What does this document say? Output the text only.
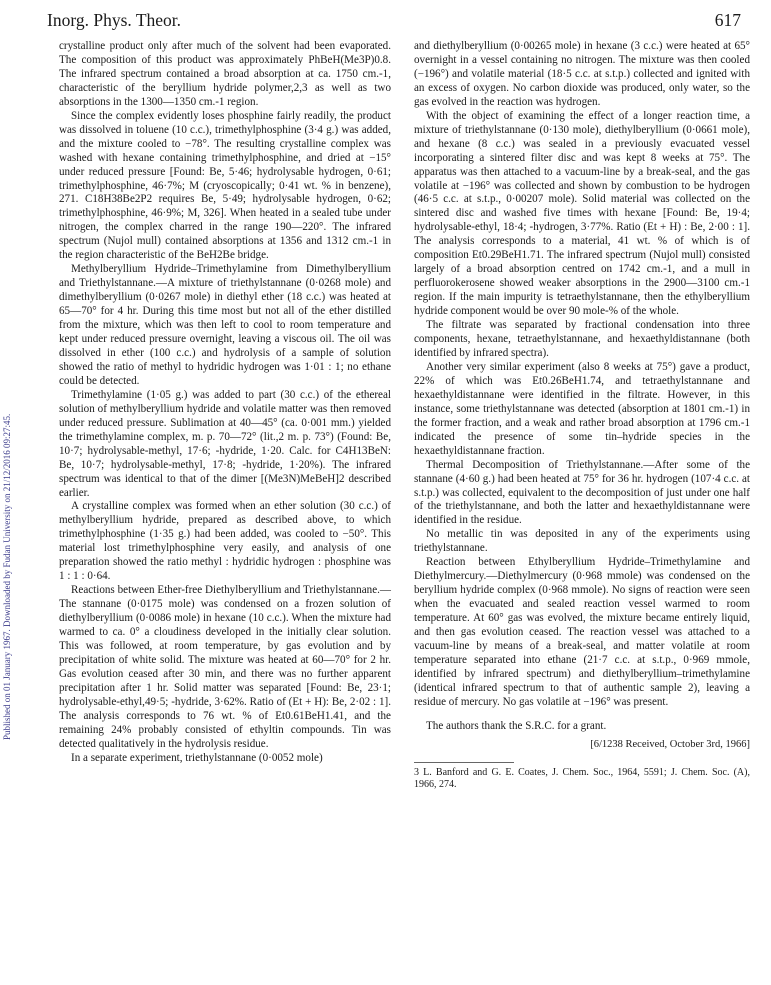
Inorg. Phys. Theor.	617
Published on 01 January 1967. Downloaded by Fudan University on 21/12/2016 09:27:45.

crystalline product only after much of the solvent had been evaporated. The composition of this product was approximately PhBeH(Me3P)0.8. The infrared spectrum contained a broad absorption at ca. 1750 cm.-1, characteristic of the beryllium hydride polymer,2,3 as well as two absorptions in the 1300—1350 cm.-1 region.

Since the complex evidently loses phosphine fairly readily, the product was dissolved in toluene (10 c.c.), trimethylphosphine (3·4 g.) was added, and the mixture cooled to −78°. The resulting crystalline complex was washed with hexane containing trimethylphosphine, and dried at −15° under reduced pressure [Found: Be, 5·46; hydrolysable hydrogen, 0·61; trimethylphosphine, 46·7%; M (cryoscopically; 0·41 wt. % in benzene), 271. C18H38Be2P2 requires Be, 5·49; hydrolysable hydrogen, 0·62; trimethylphosphine, 46·9%; M, 326]. When heated in a sealed tube under nitrogen, the complex charred in the range 190—220°. The infrared spectrum (Nujol mull) contained absorptions at 1356 and 1312 cm.-1 in the region characteristic of the BeH2Be bridge.

Methylberyllium Hydride–Trimethylamine from Dimethylberyllium and Triethylstannane.—A mixture of triethylstannane (0·0268 mole) and dimethylberyllium (0·0267 mole) in diethyl ether (18 c.c.) was heated at 65—70° for 4 hr. During this time most but not all of the ether distilled from the mixture, which was then left to cool to room temperature and kept under reduced pressure overnight, leaving a viscous oil. The oil was dissolved in ether (100 c.c.) and hydrolysis of a sample of solution showed the ratio of methyl to hydridic hydrogen was 1·01 : 1; no ethane could be detected.

Trimethylamine (1·05 g.) was added to part (30 c.c.) of the ethereal solution of methylberyllium hydride and volatile matter was then removed under reduced pressure. Sublimation at 40—45° (ca. 0·001 mm.) yielded the trimethylamine complex, m. p. 70—72° (lit.,2 m. p. 73°) (Found: Be, 10·7; hydrolysable-methyl, 17·6; -hydride, 1·20. Calc. for C4H13BeN: Be, 10·7; hydrolysable-methyl, 17·8; -hydride, 1·20%). The infrared spectrum was identical to that of the dimer [(Me3N)MeBeH]2 described earlier.

A crystalline complex was formed when an ether solution (30 c.c.) of methylberyllium hydride, prepared as described above, to which trimethylphosphine (1·35 g.) had been added, was cooled to −50°. This material lost trimethylphosphine very easily, and analysis of one preparation showed the ratio methyl : hydridic hydrogen : phosphine was 1 : 1 : 0·64.

Reactions between Ether-free Diethylberyllium and Triethylstannane.—The stannane (0·0175 mole) was condensed on a frozen solution of diethylberyllium (0·0086 mole) in hexane (10 c.c.). When the mixture had warmed to ca. 0° a cloudiness developed in the initially clear solution. This was followed, at room temperature, by gas evolution and by precipitation of white solid. The mixture was heated at 60—70° for 2 hr. Gas evolution ceased after 30 min, and there was no further apparent precipitation after 1 hr. Solid matter was separated [Found: Be, 23·1; hydrolysable-ethyl,49·5; -hydride, 3·62%. Ratio of (Et + H): Be, 2·02 : 1]. The analysis corresponds to 76 wt. % of Et0.61BeH1.41, and the remaining 24% probably consisted of ethyltin compounds. Tin was detected qualitatively in the hydrolysis residue.

In a separate experiment, triethylstannane (0·0052 mole)

and diethylberyllium (0·00265 mole) in hexane (3 c.c.) were heated at 65° overnight in a vessel containing no nitrogen. The mixture was then cooled (−196°) and volatile material (18·5 c.c. at s.t.p.) collected and ignited with an excess of oxygen. No carbon dioxide was produced, only water, so the gas evolved in the reaction was hydrogen.

With the object of examining the effect of a longer reaction time, a mixture of triethylstannane (0·130 mole), diethylberyllium (0·0661 mole), and hexane (8 c.c.) was sealed in a previously evacuated vessel incorporating a sintered filter disc and was kept 8 weeks at 75°. The apparatus was then attached to a vacuum-line by a break-seal, and the gas volatile at −196° was collected and shown by combustion to be hydrogen (46·5 c.c. at s.t.p., 0·00207 mole). Solid material was collected on the sintered disc and washed five times with hexane [Found: Be, 19·4; hydrolysable-ethyl, 18·4; -hydrogen, 3·77%. Ratio (Et + H) : Be, 2·00 : 1]. The analysis corresponds to a material, 41 wt. % of which is of composition Et0.29BeH1.71. The infrared spectrum (Nujol mull) consisted largely of a broad absorption centred on 1742 cm.-1, and a mull in perfluorokerosene showed weaker absorptions in the 2900—3100 cm.-1 region. If the main impurity is tetraethylstannane, then the ethylberyllium hydride component would be over 90 mole-% of the whole.

The filtrate was separated by fractional condensation into three components, hexane, tetraethylstannane, and hexaethyldistannane (both identified by infrared spectra).

Another very similar experiment (also 8 weeks at 75°) gave a product, 22% of which was Et0.26BeH1.74, and tetraethylstannane and hexaethyldistannane were identified in the filtrate. However, in this instance, some triethylstannane was detected (absorption at 1801 cm.-1) in the former fraction, and a weak and rather broad absorption at 1796 cm.-1 indicated the presence of some tin–hydride species in the hexaethyldistannane fraction.

Thermal Decomposition of Triethylstannane.—After some of the stannane (4·60 g.) had been heated at 75° for 36 hr. hydrogen (107·4 c.c. at s.t.p.) was collected, equivalent to the decomposition of just under one half of the triethylstannane, and both the latter and hexaethyldistannane were identified in the residue.

No metallic tin was deposited in any of the experiments using triethylstannane.

Reaction between Ethylberyllium Hydride–Trimethylamine and Diethylmercury.—Diethylmercury (0·968 mmole) was condensed on the beryllium hydride complex (0·968 mmole). No signs of reaction were seen when the evacuated and sealed reaction vessel warmed to room temperature. At 60° gas was evolved, the mixture became entirely liquid, and then gas evolution ceased. The reaction vessel was attached to a vacuum-line by means of a break-seal, and matter volatile at room temperature separated into ethane (21·7 c.c. at s.t.p., 0·969 mmole, identified by infrared spectrum) and diethylberyllium–trimethylamine (identical infrared spectrum to that of authentic sample 2), leaving a residue of mercury. No gas volatile at −196° was present.

The authors thank the S.R.C. for a grant.

[6/1238 Received, October 3rd, 1966]

3 L. Banford and G. E. Coates, J. Chem. Soc., 1964, 5591; J. Chem. Soc. (A), 1966, 274.
